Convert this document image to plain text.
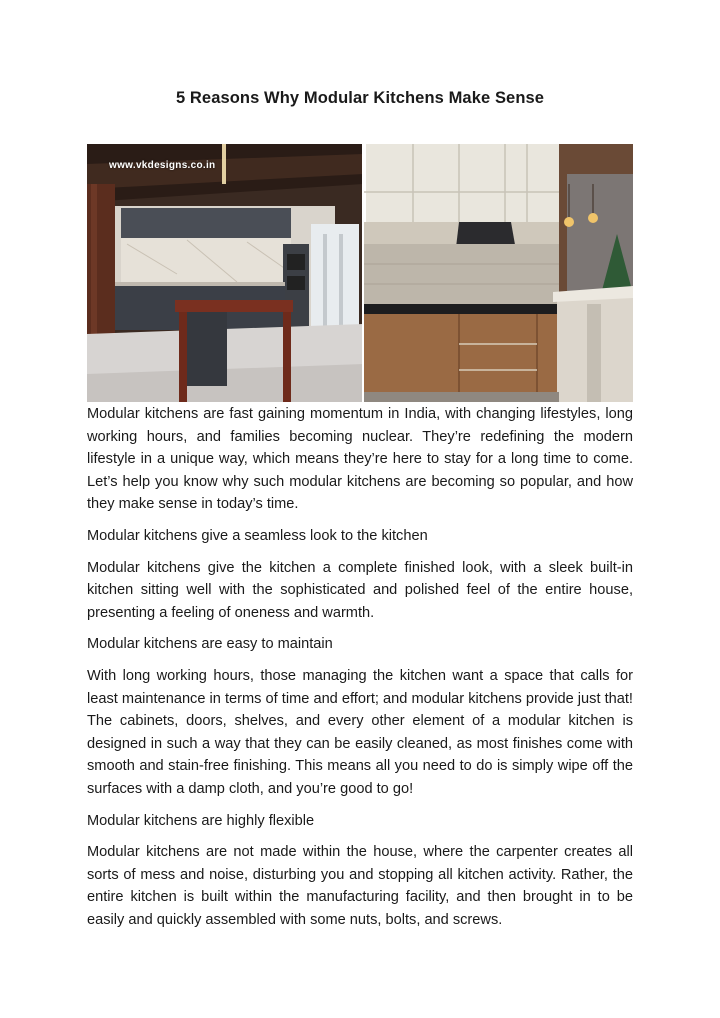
5 Reasons Why Modular Kitchens Make Sense
www.vkdesigns.co.in

Modular kitchens are fast gaining momentum in India, with changing lifestyles, long working hours, and families becoming nuclear. They’re redefining the modern lifestyle in a unique way, which means they’re here to stay for a long time to come. Let’s help you know why such modular kitchens are becoming so popular, and how they make sense in today’s time.

Modular kitchens give a seamless look to the kitchen

Modular kitchens give the kitchen a complete finished look, with a sleek built-in kitchen sitting well with the sophisticated and polished feel of the entire house, presenting a feeling of oneness and warmth.

Modular kitchens are easy to maintain

With long working hours, those managing the kitchen want a space that calls for least maintenance in terms of time and effort; and modular kitchens provide just that! The cabinets, doors, shelves, and every other element of a modular kitchen is designed in such a way that they can be easily cleaned, as most finishes come with smooth and stain-free finishing. This means all you need to do is simply wipe off the surfaces with a damp cloth, and you’re good to go!

Modular kitchens are highly flexible

Modular kitchens are not made within the house, where the carpenter creates all sorts of mess and noise, disturbing you and stopping all kitchen activity. Rather, the entire kitchen is built within the manufacturing facility, and then brought in to be easily and quickly assembled with some nuts, bolts, and screws.
